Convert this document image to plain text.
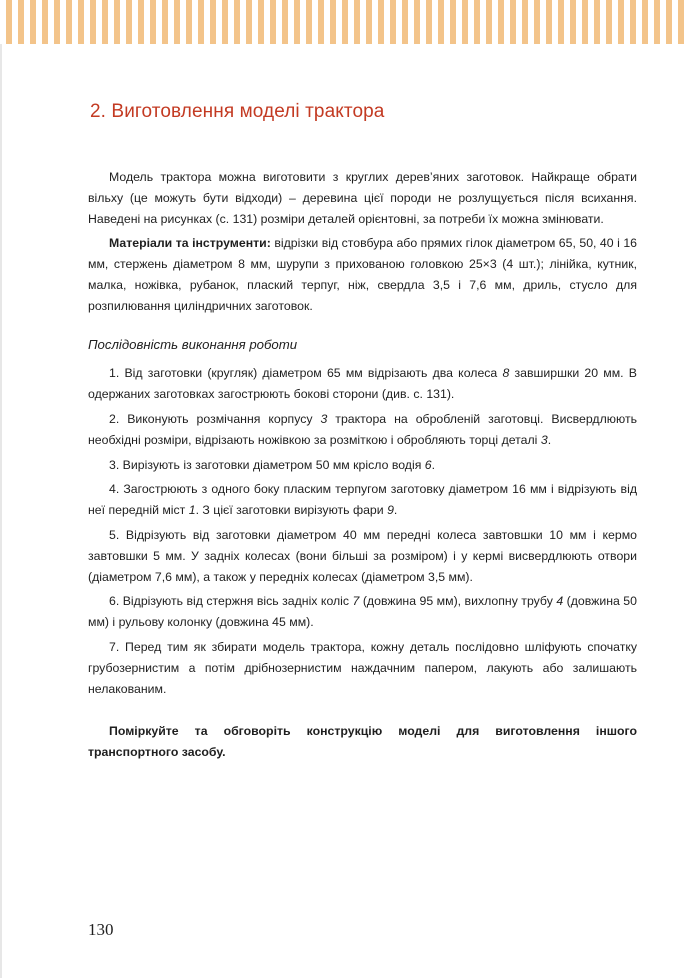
2. Виготовлення моделі трактора

Модель трактора можна виготовити з круглих дерев’яних заготовок. Найкраще обрати вільху (це можуть бути відходи) – деревина цієї породи не розлущується після всихання. Наведені на рисунках (с. 131) розміри деталей орієнтовні, за потреби їх можна змінювати.

Матеріали та інструменти: відрізки від стовбура або прямих гілок діаметром 65, 50, 40 і 16 мм, стержень діаметром 8 мм, шурупи з прихованою головкою 25×3 (4 шт.); лінійка, кутник, малка, ножівка, рубанок, плаский терпуг, ніж, свердла 3,5 і 7,6 мм, дриль, стусло для розпилювання циліндричних заготовок.

Послідовність виконання роботи

1. Від заготовки (кругляк) діаметром 65 мм відрізають два колеса 8 завширшки 20 мм. В одержаних заготовках загострюють бокові сторони (див. с. 131).

2. Виконують розмічання корпусу 3 трактора на обробленій заготовці. Висвердлюють необхідні розміри, відрізають ножівкою за розміткою і обробляють торці деталі 3.

3. Вирізують із заготовки діаметром 50 мм крісло водія 6.

4. Загострюють з одного боку пласким терпугом заготовку діаметром 16 мм і відрізують від неї передній міст 1. З цієї заготовки вирізують фари 9.

5. Відрізують від заготовки діаметром 40 мм передні колеса завтовшки 10 мм і кермо завтовшки 5 мм. У задніх колесах (вони більші за розміром) і у кермі висвердлюють отвори (діаметром 7,6 мм), а також у передніх колесах (діаметром 3,5 мм).

6. Відрізують від стержня вісь задніх коліс 7 (довжина 95 мм), вихлопну трубу 4 (довжина 50 мм) і рульову колонку (довжина 45 мм).

7. Перед тим як збирати модель трактора, кожну деталь послідовно шліфують спочатку грубозернистим а потім дрібнозернистим наждачним папером, лакують або залишають нелакованим.

Поміркуйте та обговоріть конструкцію моделі для виготовлення іншого транспортного засобу.

130
